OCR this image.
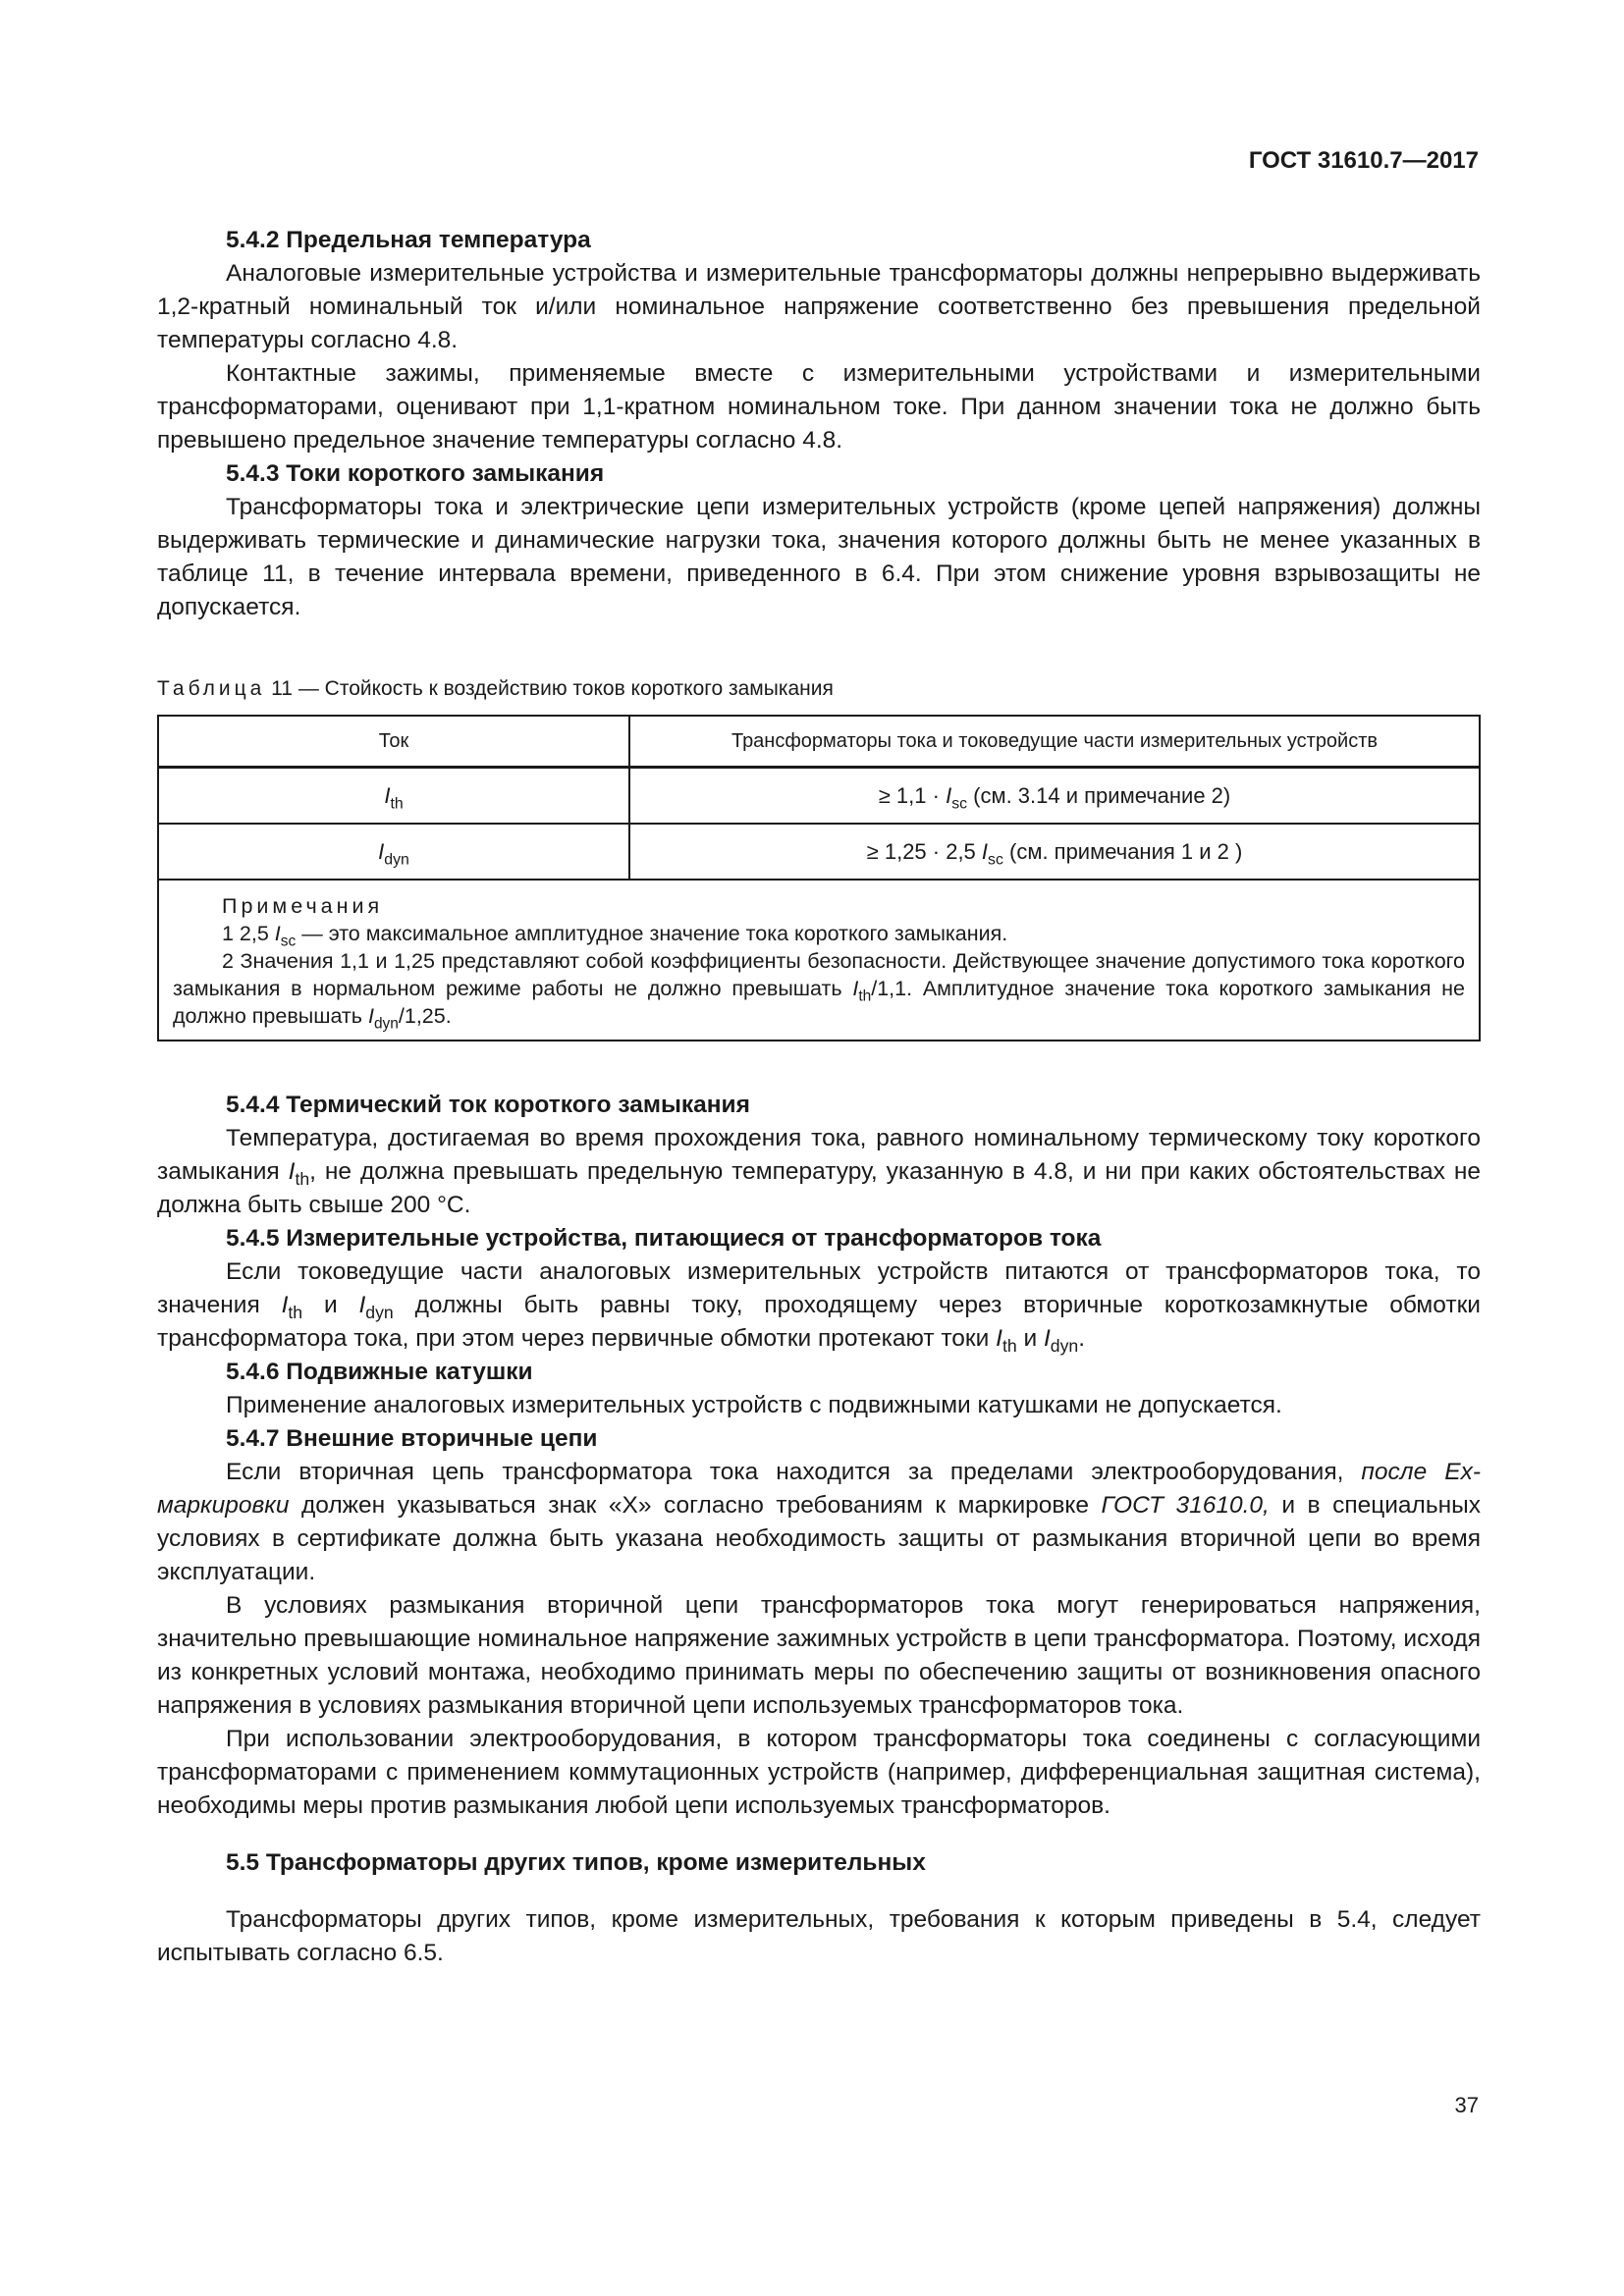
ГОСТ 31610.7—2017
5.4.2 Предельная температура

Аналоговые измерительные устройства и измерительные трансформаторы должны непрерывно выдерживать 1,2-кратный номинальный ток и/или номинальное напряжение соответственно без превышения предельной температуры согласно 4.8.

Контактные зажимы, применяемые вместе с измерительными устройствами и измерительными трансформаторами, оценивают при 1,1-кратном номинальном токе. При данном значении тока не должно быть превышено предельное значение температуры согласно 4.8.

5.4.3 Токи короткого замыкания

Трансформаторы тока и электрические цепи измерительных устройств (кроме цепей напряжения) должны выдерживать термические и динамические нагрузки тока, значения которого должны быть не менее указанных в таблице 11, в течение интервала времени, приведенного в 6.4. При этом снижение уровня взрывозащиты не допускается.

Таблица 11 — Стойкость к воздействию токов короткого замыкания
Ток	Трансформаторы тока и токоведущие части измерительных устройств
$I_{th}$	≥ $1,1 \cdot I_{sc}$ (см. 3.14 и примечание 2)
$I_{dyn}$	≥ 1,25 · 2,5 $I_{sc}$ (см. примечания 1 и 2 )

Примечания
1 2,5 $I_{sc}$ — это максимальное амплитудное значение тока короткого замыкания.
2 Значения 1,1 и 1,25 представляют собой коэффициенты безопасности. Действующее значение допустимого тока короткого замыкания в нормальном режиме работы не должно превышать $I_{th}/1,1$. Амплитудное значение тока короткого замыкания не должно превышать $I_{dyn}/1,25$.	
5.4.4 Термический ток короткого замыкания

Температура, достигаемая во время прохождения тока, равного номинальному термическому току короткого замыкания $I_{th}$, не должна превышать предельную температуру, указанную в 4.8, и ни при каких обстоятельствах не должна быть свыше 200 °С.

5.4.5 Измерительные устройства, питающиеся от трансформаторов тока

Если токоведущие части аналоговых измерительных устройств питаются от трансформаторов тока, то значения $I_{th}$ и $I_{dyn}$ должны быть равны току, проходящему через вторичные короткозамкнутые обмотки трансформатора тока, при этом через первичные обмотки протекают токи $I_{th}$ и $I_{dyn}$.

5.4.6 Подвижные катушки

Применение аналоговых измерительных устройств с подвижными катушками не допускается.

5.4.7 Внешние вторичные цепи

Если вторичная цепь трансформатора тока находится за пределами электрооборудования, после Ex-маркировки должен указываться знак «Х» согласно требованиям к маркировке ГОСТ 31610.0, и в специальных условиях в сертификате должна быть указана необходимость защиты от размыкания вторичной цепи во время эксплуатации.

В условиях размыкания вторичной цепи трансформаторов тока могут генерироваться напряжения, значительно превышающие номинальное напряжение зажимных устройств в цепи трансформатора. Поэтому, исходя из конкретных условий монтажа, необходимо принимать меры по обеспечению защиты от возникновения опасного напряжения в условиях размыкания вторичной цепи используемых трансформаторов тока.

При использовании электрооборудования, в котором трансформаторы тока соединены с согласующими трансформаторами с применением коммутационных устройств (например, дифференциальная защитная система), необходимы меры против размыкания любой цепи используемых трансформаторов.

5.5 Трансформаторы других типов, кроме измерительных

Трансформаторы других типов, кроме измерительных, требования к которым приведены в 5.4, следует испытывать согласно 6.5.

37
